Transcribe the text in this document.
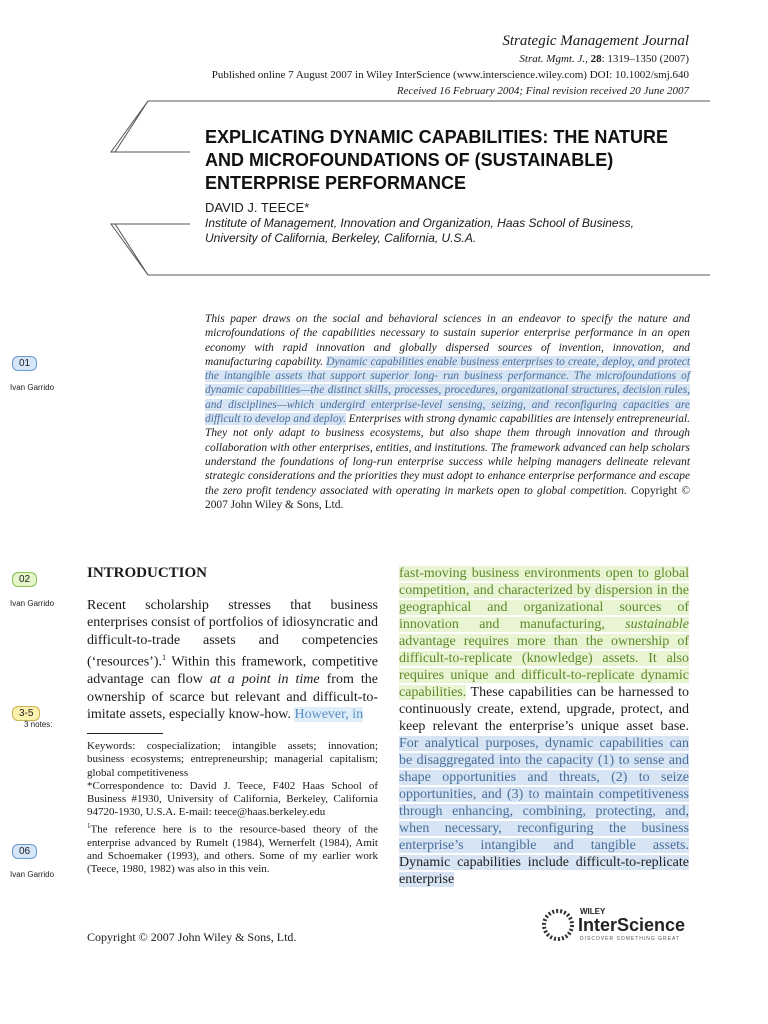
Strategic Management Journal
Strat. Mgmt. J., 28: 1319–1350 (2007)
Published online 7 August 2007 in Wiley InterScience (www.interscience.wiley.com) DOI: 10.1002/smj.640
Received 16 February 2004; Final revision received 20 June 2007
EXPLICATING DYNAMIC CAPABILITIES: THE NATURE
AND MICROFOUNDATIONS OF (SUSTAINABLE)
ENTERPRISE PERFORMANCE
DAVID J. TEECE*
Institute of Management, Innovation and Organization, Haas School of Business,
University of California, Berkeley, California, U.S.A.
This paper draws on the social and behavioral sciences in an endeavor to specify the nature and microfoundations of the capabilities necessary to sustain superior enterprise performance in an open economy with rapid innovation and globally dispersed sources of invention, innovation, and manufacturing capability. Dynamic capabilities enable business enterprises to create, deploy, and protect the intangible assets that support superior long- run business performance. The microfoundations of dynamic capabilities—the distinct skills, processes, procedures, organizational structures, decision rules, and disciplines—which undergird enterprise-level sensing, seizing, and reconfiguring capacities are difficult to develop and deploy. Enterprises with strong dynamic capabilities are intensely entrepreneurial. They not only adapt to business ecosystems, but also shape them through innovation and through collaboration with other enterprises, entities, and institutions. The framework advanced can help scholars understand the foundations of long-run enterprise success while helping managers delineate relevant strategic considerations and the priorities they must adopt to enhance enterprise performance and escape the zero profit tendency associated with operating in markets open to global competition. Copyright © 2007 John Wiley & Sons, Ltd.
01
Ivan Garrido
02
Ivan Garrido
3-5
3 notes:
06
Ivan Garrido
INTRODUCTION
Recent scholarship stresses that business enterprises consist of portfolios of idiosyncratic and difficult-to-trade assets and competencies (‘resources’).$^1$ Within this framework, competitive advantage can flow at a point in time from the ownership of scarce but relevant and difficult-to-imitate assets, especially know-how. However, in

Keywords: cospecialization; intangible assets; innovation; business ecosystems; entrepreneurship; managerial capitalism; global competitiveness

*Correspondence to: David J. Teece, F402 Haas School of Business #1930, University of California, Berkeley, California 94720-1930, U.S.A. E-mail: teece@haas.berkeley.edu

$^1$The reference here is to the resource-based theory of the enterprise advanced by Rumelt (1984), Wernerfelt (1984), Amit and Schoemaker (1993), and others. Some of my earlier work (Teece, 1980, 1982) was also in this vein.

fast-moving business environments open to global competition, and characterized by dispersion in the geographical and organizational sources of innovation and manufacturing, sustainable advantage requires more than the ownership of difficult-to-replicate (knowledge) assets. It also requires unique and difficult-to-replicate dynamic capabilities. These capabilities can be harnessed to continuously create, extend, upgrade, protect, and keep relevant the enterprise’s unique asset base. For analytical purposes, dynamic capabilities can be disaggregated into the capacity (1) to sense and shape opportunities and threats, (2) to seize opportunities, and (3) to maintain competitiveness through enhancing, combining, protecting, and, when necessary, reconfiguring the business enterprise’s intangible and tangible assets. Dynamic capabilities include difficult-to-replicate enterprise
Copyright © 2007 John Wiley & Sons, Ltd.
WILEY
InterScience
DISCOVER SOMETHING GREAT
